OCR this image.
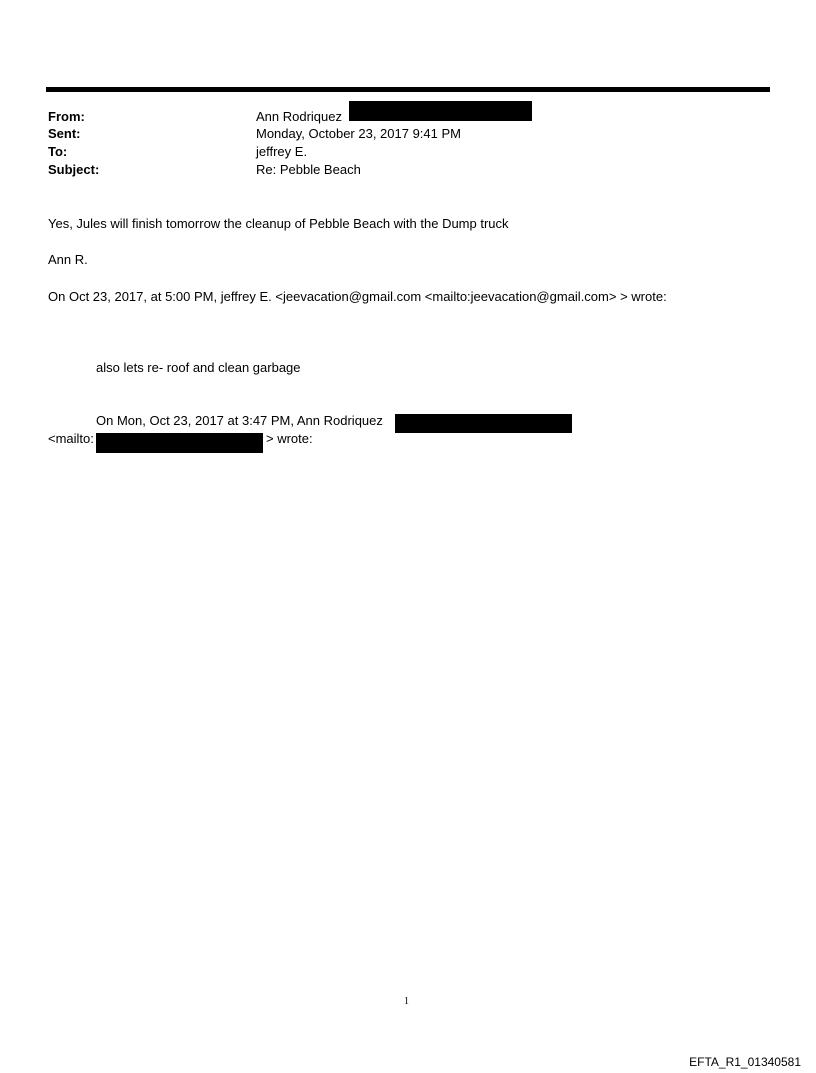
From:	Ann Rodriquez
Sent:	Monday, October 23, 2017 9:41 PM
To:	jeffrey E.
Subject:	Re: Pebble Beach
Yes, Jules will finish tomorrow the cleanup of Pebble Beach with the Dump truck
Ann R.
On Oct 23, 2017, at 5:00 PM, jeffrey E. <jeevacation@gmail.com <mailto:jeevacation@gmail.com> > wrote:
also lets re- roof and clean garbage
On Mon, Oct 23, 2017 at 3:47 PM, Ann Rodriquez
<mailto:	> wrote:
1
EFTA_R1_01340581
